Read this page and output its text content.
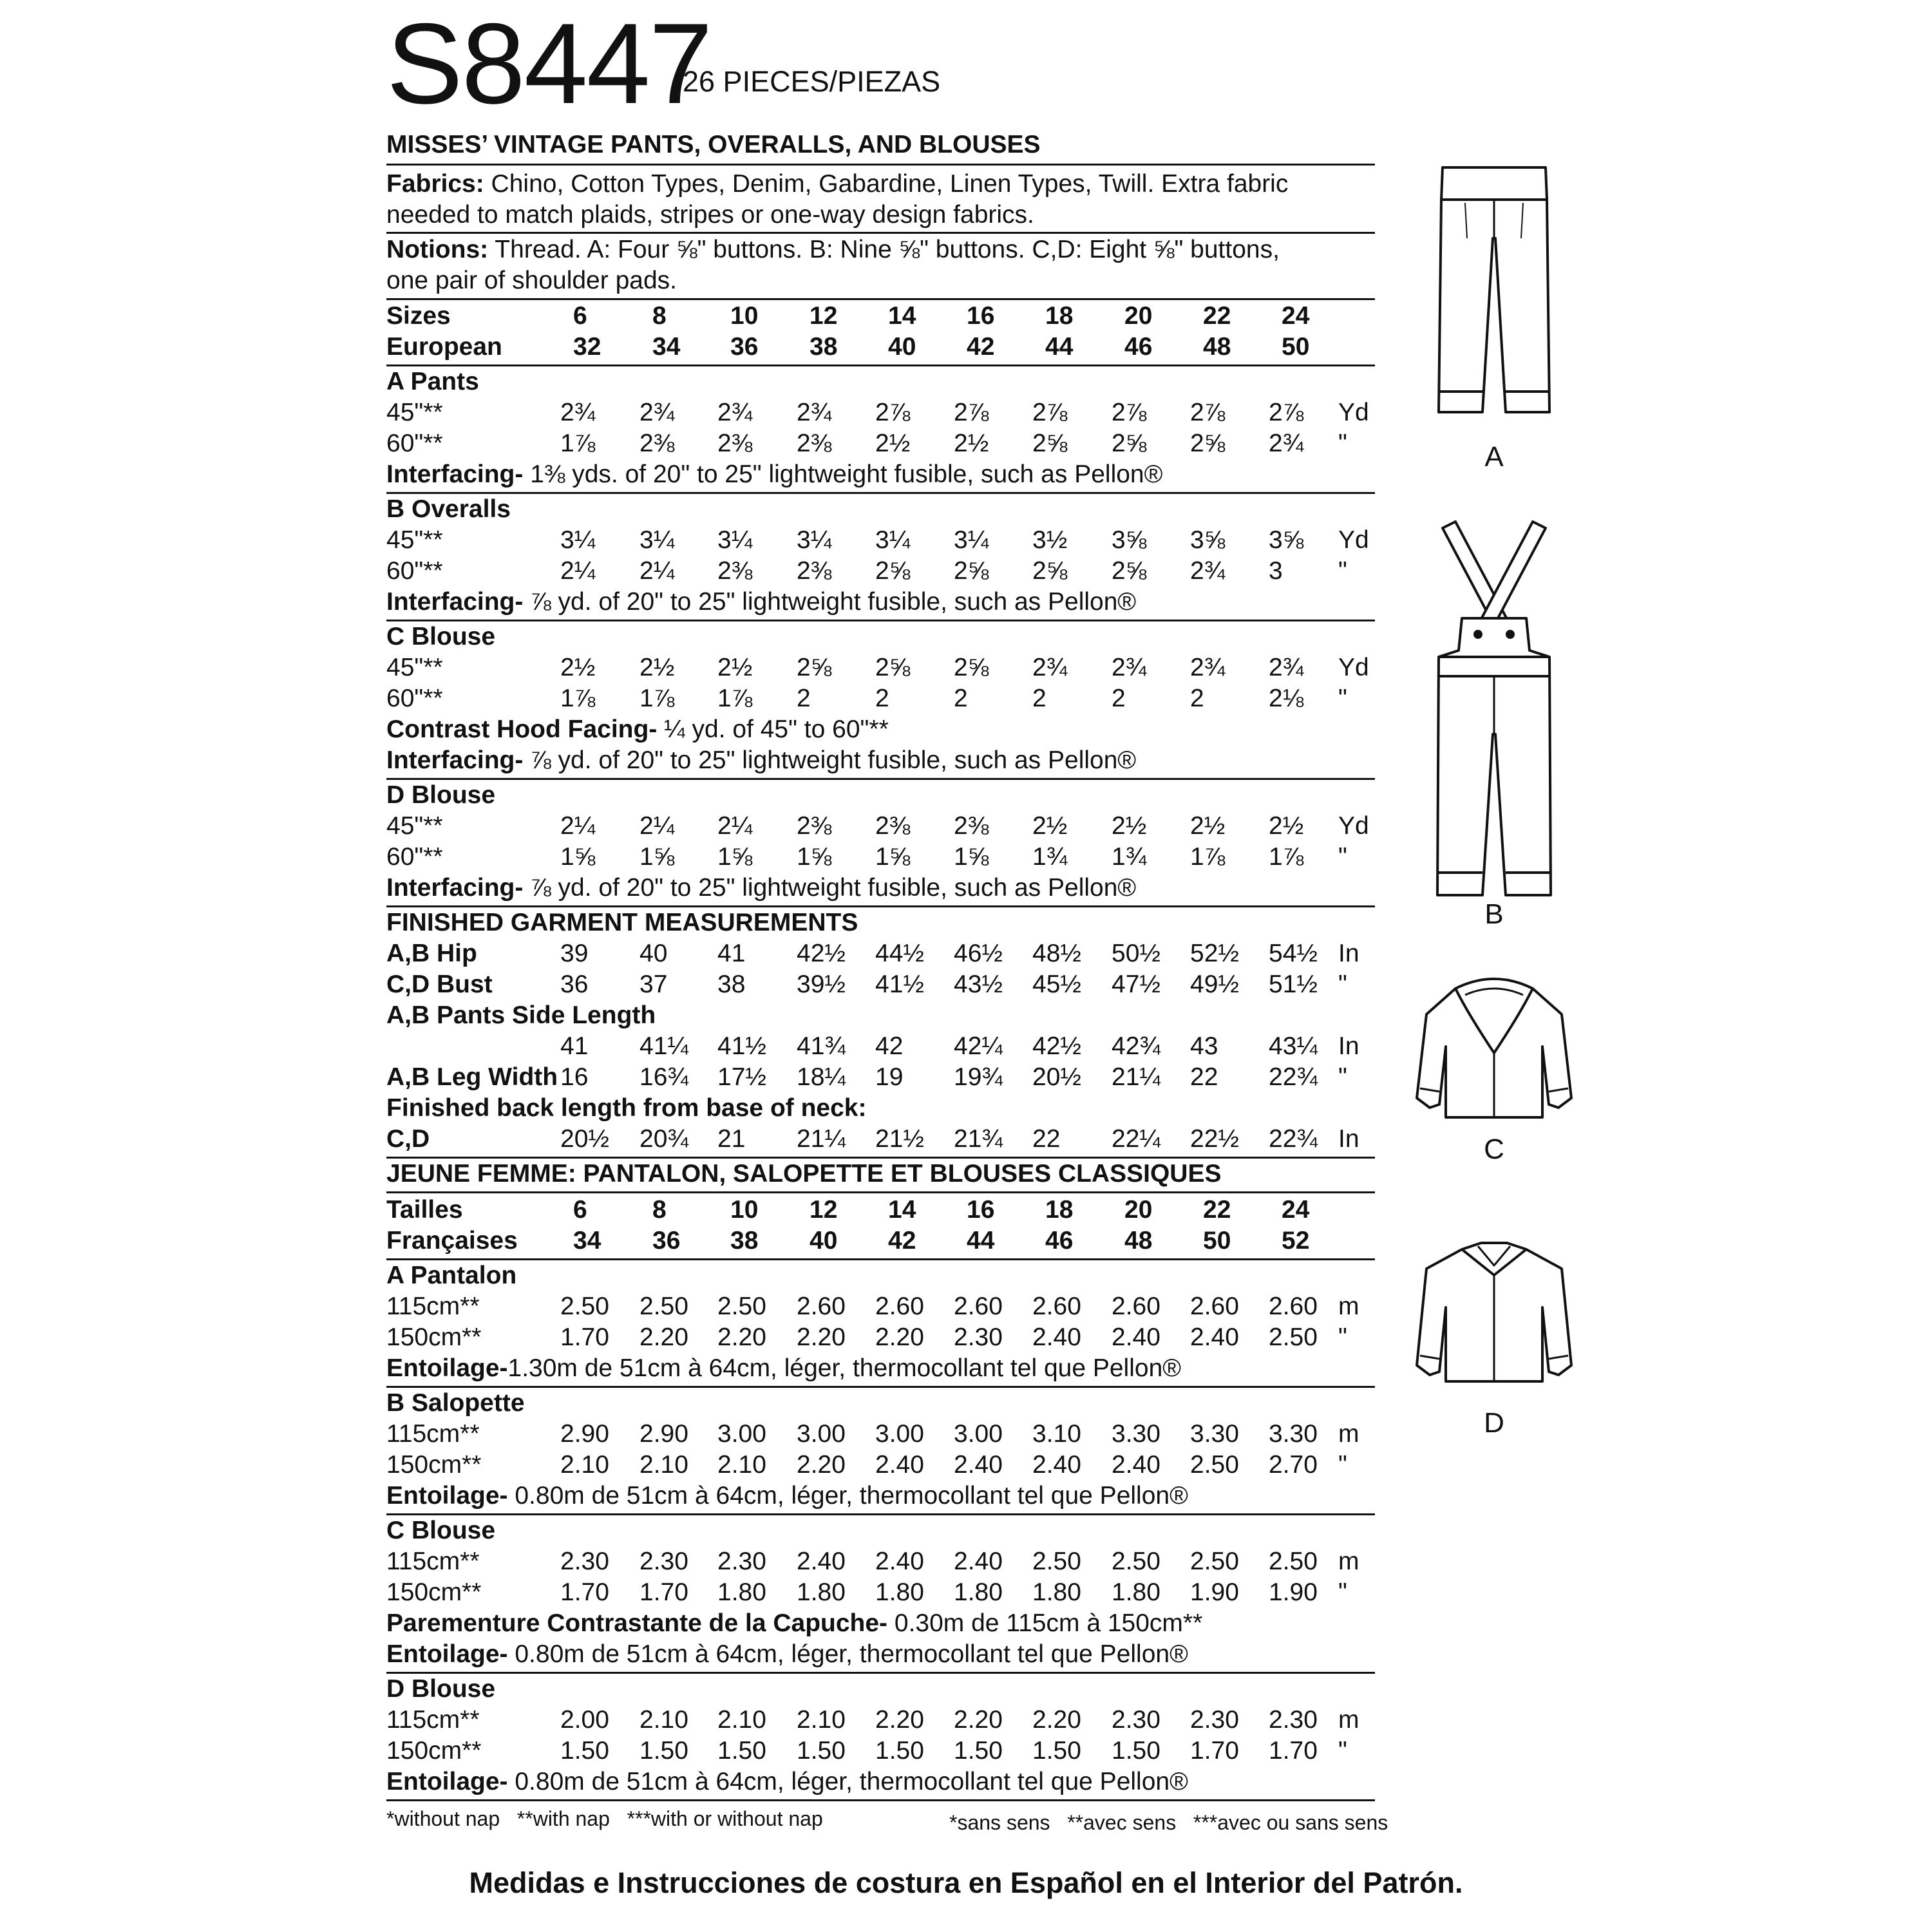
S8447
26 PIECES/PIEZAS
MISSES’ VINTAGE PANTS, OVERALLS, AND BLOUSES
Fabrics: Chino, Cotton Types, Denim, Gabardine, Linen Types, Twill. Extra fabric needed to match plaids, stripes or one-way design fabrics.
Notions: Thread. A: Four ⅝" buttons. B: Nine ⅝" buttons. C,D: Eight ⅝" buttons, one pair of shoulder pads.
Sizes	6	8	10	12	14	16	18	20	22	24
European	32	34	36	38	40	42	44	46	48	50
A Pants
45"**	2¾	2¾	2¾	2¾	2⅞	2⅞	2⅞	2⅞	2⅞	2⅞	Yd
60"**	1⅞	2⅜	2⅜	2⅜	2½	2½	2⅝	2⅝	2⅝	2¾	"
Interfacing- 1⅜ yds. of 20" to 25" lightweight fusible, such as Pellon®
B Overalls
45"**	3¼	3¼	3¼	3¼	3¼	3¼	3½	3⅝	3⅝	3⅝	Yd
60"**	2¼	2¼	2⅜	2⅜	2⅝	2⅝	2⅝	2⅝	2¾	3	"
Interfacing- ⅞ yd. of 20" to 25" lightweight fusible, such as Pellon®
C Blouse
45"**	2½	2½	2½	2⅝	2⅝	2⅝	2¾	2¾	2¾	2¾	Yd
60"**	1⅞	1⅞	1⅞	2	2	2	2	2	2	2⅛	"
Contrast Hood Facing- ¼ yd. of 45" to 60"**
Interfacing- ⅞ yd. of 20" to 25" lightweight fusible, such as Pellon®
D Blouse
45"**	2¼	2¼	2¼	2⅜	2⅜	2⅜	2½	2½	2½	2½	Yd
60"**	1⅝	1⅝	1⅝	1⅝	1⅝	1⅝	1¾	1¾	1⅞	1⅞	"
Interfacing- ⅞ yd. of 20" to 25" lightweight fusible, such as Pellon®
FINISHED GARMENT MEASUREMENTS
A,B Hip	39	40	41	42½	44½	46½	48½	50½	52½	54½ In
C,D Bust	36	37	38	39½	41½	43½	45½	47½	49½	51½ "
A,B Pants Side Length
41	41¼	41½	41¾	42	42¼	42½	42¾	43	43¼ In
A,B Leg Width 16	16¾	17½	18¼	19	19¾	20½	21¼	22	22¾ "
Finished back length from base of neck:
C,D	20½	20¾	21	21¼	21½	21¾	22	22¼	22½	22¾ In
JEUNE FEMME: PANTALON, SALOPETTE ET BLOUSES CLASSIQUES
Tailles	6	8	10	12	14	16	18	20	22	24
Françaises 34	36	38	40	42	44	46	48	50	52
A Pantalon
115cm**	2.50	2.50	2.50	2.60	2.60	2.60	2.60	2.60	2.60	2.60 m
150cm**	1.70	2.20	2.20	2.20	2.20	2.30	2.40	2.40	2.40	2.50 "
Entoilage-1.30m de 51cm à 64cm, léger, thermocollant tel que Pellon®
B Salopette
115cm**	2.90	2.90	3.00	3.00	3.00	3.00	3.10	3.30	3.30	3.30 m
150cm**	2.10	2.10	2.10	2.20	2.40	2.40	2.40	2.40	2.50	2.70 "
Entoilage- 0.80m de 51cm à 64cm, léger, thermocollant tel que Pellon®
C Blouse
115cm**	2.30	2.30	2.30	2.40	2.40	2.40	2.50	2.50	2.50	2.50 m
150cm**	1.70	1.70	1.80	1.80	1.80	1.80	1.80	1.80	1.90	1.90 "
Parementure Contrastante de la Capuche- 0.30m de 115cm à 150cm**
Entoilage- 0.80m de 51cm à 64cm, léger, thermocollant tel que Pellon®
D Blouse
115cm**	2.00	2.10	2.10	2.10	2.20	2.20	2.20	2.30	2.30	2.30 m
150cm**	1.50	1.50	1.50	1.50	1.50	1.50	1.50	1.50	1.70	1.70 "
Entoilage- 0.80m de 51cm à 64cm, léger, thermocollant tel que Pellon®
*without nap   **with nap   ***with or without nap	*sans sens   **avec sens   ***avec ou sans sens
Medidas e Instrucciones de costura en Español en el Interior del Patrón.
A
B
C
D
